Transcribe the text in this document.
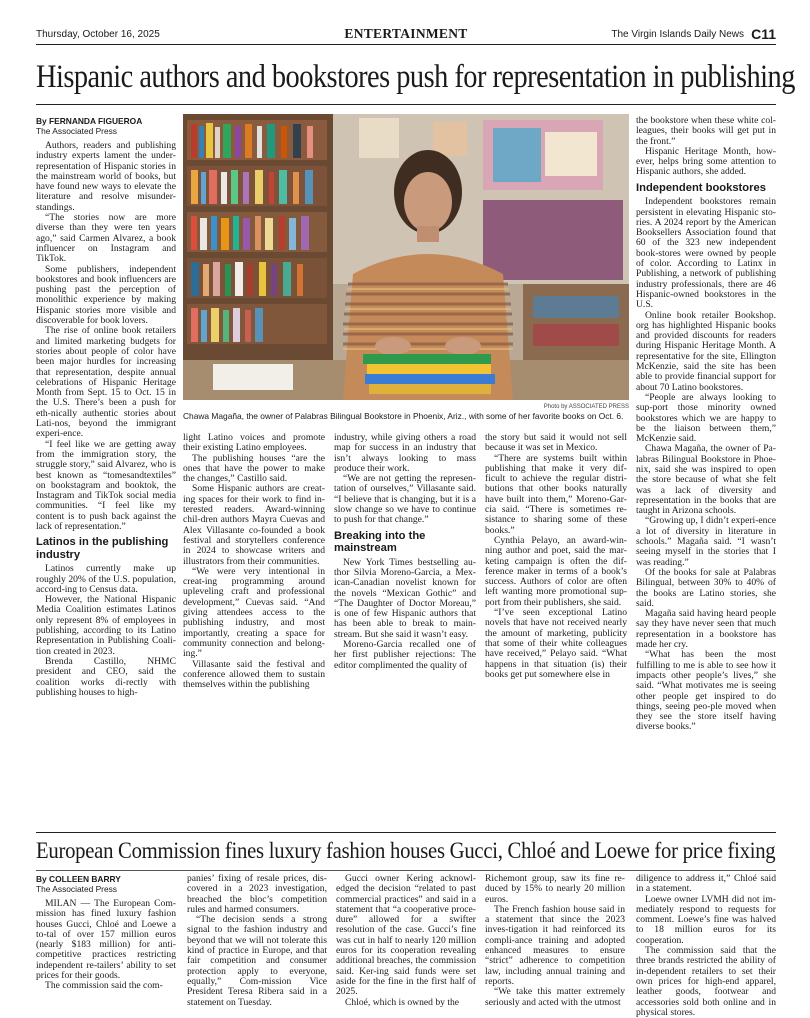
Thursday, October 16, 2025	ENTERTAINMENT	The Virgin Islands Daily News C11
Hispanic authors and bookstores push for representation in publishing
By FERNANDA FIGUEROA
The Associated Press

Authors, readers and publishing industry experts lament the under-representation of Hispanic stories in the mainstream world of books, but have found new ways to elevate the literature and resolve misunder-standings.

“The stories now are more diverse than they were ten years ago,” said Carmen Alvarez, a book influencer on Instagram and TikTok.

Some publishers, independent bookstores and book influencers are pushing past the perception of monolithic experience by making Hispanic stories more visible and discoverable for book lovers.

The rise of online book retailers and limited marketing budgets for stories about people of color have been major hurdles for increasing that representation, despite annual celebrations of Hispanic Heritage Month from Sept. 15 to Oct. 15 in the U.S. There’s been a push for eth-nically authentic stories about Lati-nos, beyond the immigrant experi-ence.

“I feel like we are getting away from the immigration story, the struggle story,” said Alvarez, who is best known as “tomesandtextiles” on bookstagram and booktok, the Instagram and TikTok social media communities. “I feel like my content is to push back against the lack of representation.”

Latinos in the publishing industry

Latinos currently make up roughly 20% of the U.S. population, accord-ing to Census data.

However, the National Hispanic Media Coalition estimates Latinos only represent 8% of employees in publishing, according to its Latino Representation in Publishing Coali-tion created in 2023.

Brenda Castillo, NHMC president and CEO, said the coalition works di-rectly with publishing houses to high-

Photo by ASSOCIATED PRESS
Chawa Magaña, the owner of Palabras Bilingual Bookstore in Phoenix, Ariz., with some of her favorite books on Oct. 6.

light Latino voices and promote their existing Latino employees.

The publishing houses “are the ones that have the power to make the changes,” Castillo said.

Some Hispanic authors are creat-ing spaces for their work to find in-terested readers. Award-winning chil-dren authors Mayra Cuevas and Alex Villasante co-founded a book festival and storytellers conference in 2024 to showcase writers and illustrators from their communities.

“We were very intentional in creat-ing programming around upleveling craft and professional development,” Cuevas said. “And giving attendees access to the publishing industry, and most importantly, creating a space for community connection and belong-ing.”

Villasante said the festival and conference allowed them to sustain themselves within the publishing

industry, while giving others a road map for success in an industry that isn’t always looking to mass produce their work.

“We are not getting the represen-tation of ourselves,” Villasante said. “I believe that is changing, but it is a slow change so we have to continue to push for that change.”

Breaking into the mainstream

New York Times bestselling au-thor Silvia Moreno-Garcia, a Mex-ican-Canadian novelist known for the novels “Mexican Gothic” and “The Daughter of Doctor Moreau,” is one of few Hispanic authors that has been able to break to main-stream. But she said it wasn’t easy.

Moreno-Garcia recalled one of her first publisher rejections: The editor complimented the quality of

the story but said it would not sell because it was set in Mexico.

“There are systems built within publishing that make it very dif-ficult to achieve the regular distri-butions that other books naturally have built into them,” Moreno-Gar-cia said. “There is sometimes re-sistance to sharing some of these books.”

Cynthia Pelayo, an award-win-ning author and poet, said the mar-keting campaign is often the dif-ference maker in terms of a book’s success. Authors of color are often left wanting more promotional sup-port from their publishers, she said.

“I’ve seen exceptional Latino novels that have not received nearly the amount of marketing, publicity that some of their white colleagues have received,” Pelayo said. “What happens in that situation (is) their books get put somewhere else in

the bookstore when these white col-leagues, their books will get put in the front.”

Hispanic Heritage Month, how-ever, helps bring some attention to Hispanic authors, she added.

Independent bookstores

Independent bookstores remain persistent in elevating Hispanic sto-ries. A 2024 report by the American Booksellers Association found that 60 of the 323 new independent book-stores were owned by people of color. According to Latinx in Publishing, a network of publishing industry professionals, there are 46 Hispanic-owned bookstores in the U.S.

Online book retailer Bookshop. org has highlighted Hispanic books and provided discounts for readers during Hispanic Heritage Month. A representative for the site, Ellington McKenzie, said the site has been able to provide financial support for about 70 Latino bookstores.

“People are always looking to sup-port those minority owned bookstores which we are happy to be the liaison between them,” McKenzie said.

Chawa Magaña, the owner of Pa-labras Bilingual Bookstore in Phoe-nix, said she was inspired to open the store because of what she felt was a lack of diversity and representation in the books that are taught in Arizona schools.

“Growing up, I didn’t experi-ence a lot of diversity in literature in schools.” Magaña said. “I wasn’t seeing myself in the stories that I was reading.”

Of the books for sale at Palabras Bilingual, between 30% to 40% of the books are Latino stories, she said.

Magaña said having heard people say they have never seen that much representation in a bookstore has made her cry.

“What has been the most fulfilling to me is able to see how it impacts other people’s lives,” she said. “What motivates me is seeing other people get inspired to do things, seeing peo-ple moved when they see the store itself having diverse books.”

European Commission fines luxury fashion houses Gucci, Chloé and Loewe for price fixing
By COLLEEN BARRY
The Associated Press

MILAN — The European Com-mission has fined luxury fashion houses Gucci, Chloé and Loewe a to-tal of over 157 million euros (nearly $183 million) for anti-competitive practices restricting independent re-tailers’ ability to set prices for their goods.

The commission said the com-

panies’ fixing of resale prices, dis-covered in a 2023 investigation, breached the bloc’s competition rules and harmed consumers.

“The decision sends a strong signal to the fashion industry and beyond that we will not tolerate this kind of practice in Europe, and that fair competition and consumer protection apply to everyone, equally,” Com-mission Vice President Teresa Ribera said in a statement on Tuesday.

Gucci owner Kering acknowl-edged the decision “related to past commercial practices” and said in a statement that “a cooperative proce-dure” allowed for a swifter resolution of the case. Gucci’s fine was cut in half to nearly 120 million euros for its cooperation revealing additional breaches, the commission said. Ker-ing said funds were set aside for the fine in the first half of 2025.

Chloé, which is owned by the

Richemont group, saw its fine re-duced by 15% to nearly 20 million euros.

The French fashion house said in a statement that since the 2023 inves-tigation it had reinforced its compli-ance training and adopted enhanced measures to ensure “strict” adherence to competition law, including annual training and reports.

“We take this matter extremely seriously and acted with the utmost

diligence to address it,” Chloé said in a statement.

Loewe owner LVMH did not im-mediately respond to requests for comment. Loewe’s fine was halved to 18 million euros for its cooperation.

The commission said that the three brands restricted the ability of in-dependent retailers to set their own prices for high-end apparel, leather goods, footwear and accessories sold both online and in physical stores.
